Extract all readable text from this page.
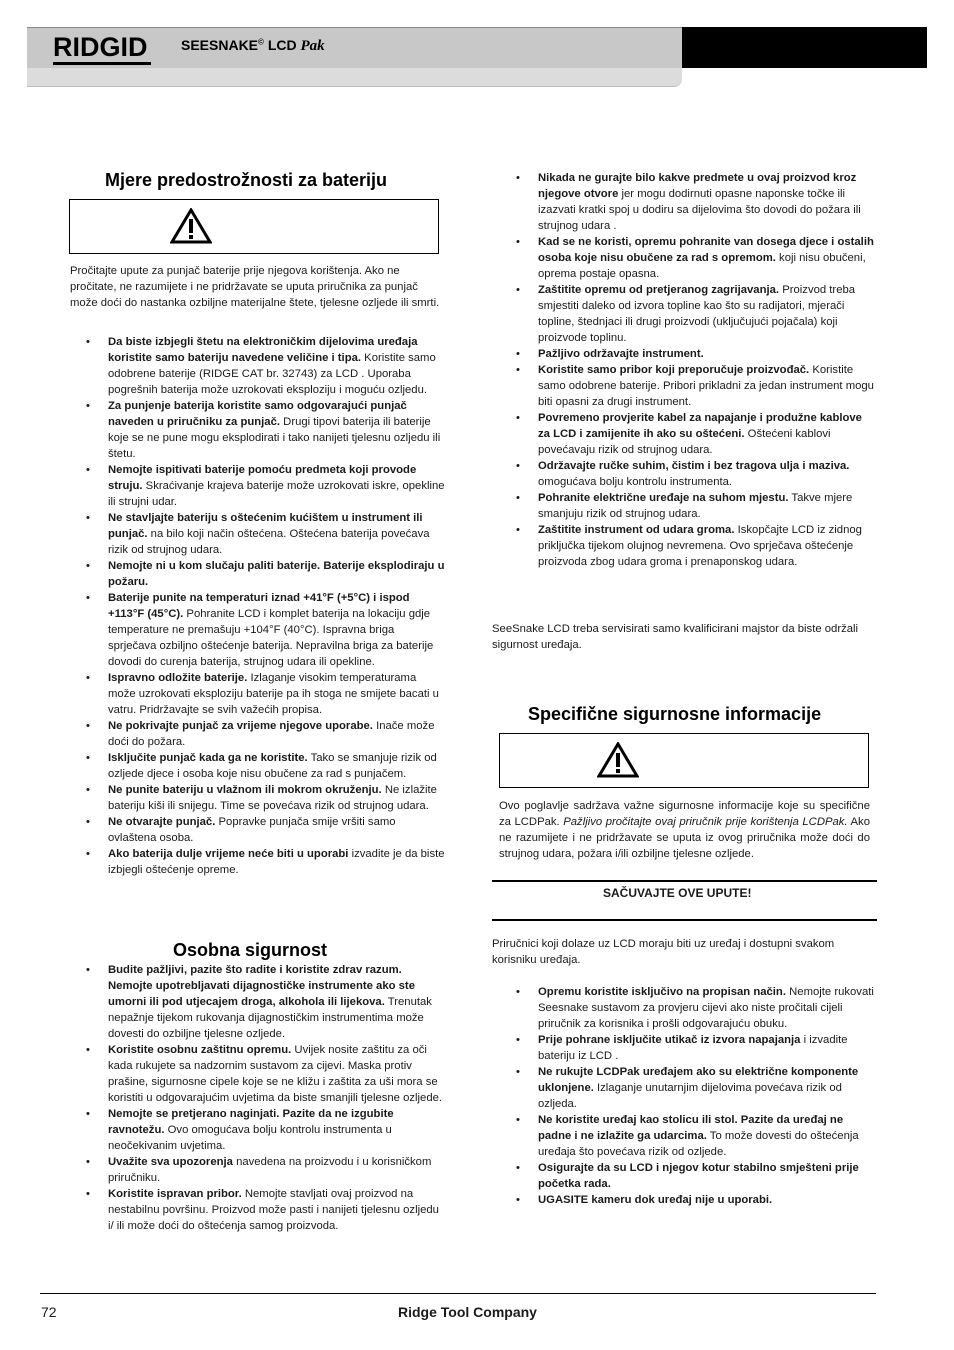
RIDGID SEESNAKE© LCD Pak
Mjere predostrožnosti za bateriju

Pročitajte upute za punjač baterije prije njegova korištenja. Ako ne pročitate, ne razumijete i ne pridržavate se uputa priručnika za punjač može doći do nastanka ozbiljne materijalne štete, tjelesne ozljede ili smrti.

• Da biste izbjegli štetu na elektroničkim dijelovima uređaja koristite samo bateriju navedene veličine i tipa. Koristite samo odobrene baterije (RIDGE CAT br. 32743) za LCD . Uporaba pogrešnih baterija može uzrokovati eksploziju i moguću ozljedu.
• Za punjenje baterija koristite samo odgovarajući punjač naveden u priručniku za punjač. Drugi tipovi baterija ili baterije koje se ne pune mogu eksplodirati i tako nanijeti tjelesnu ozljedu ili štetu.
• Nemojte ispitivati baterije pomoću predmeta koji provode struju. Skraćivanje krajeva baterije može uzrokovati iskre, opekline ili strujni udar.
• Ne stavljajte bateriju s oštećenim kućištem u instrument ili punjač. na bilo koji način oštećena. Oštećena baterija povećava rizik od strujnog udara.
• Nemojte ni u kom slučaju paliti baterije. Baterije eksplodiraju u požaru.
• Baterije punite na temperaturi iznad +41°F (+5°C) i ispod +113°F (45°C). Pohranite LCD i komplet baterija na lokaciju gdje temperature ne premašuju +104°F (40°C). Ispravna briga sprječava ozbiljno oštećenje baterija. Nepravilna briga za baterije dovodi do curenja baterija, strujnog udara ili opekline.
• Ispravno odložite baterije. Izlaganje visokim temperaturama može uzrokovati eksploziju baterije pa ih stoga ne smijete bacati u vatru. Pridržavajte se svih važećih propisa.
• Ne pokrivajte punjač za vrijeme njegove uporabe. Inače može doći do požara.
• Isključite punjač kada ga ne koristite. Tako se smanjuje rizik od ozljede djece i osoba koje nisu obučene za rad s punjačem.
• Ne punite bateriju u vlažnom ili mokrom okruženju. Ne izlažite bateriju kiši ili snijegu. Time se povećava rizik od strujnog udara.
• Ne otvarajte punjač. Popravke punjača smije vršiti samo ovlaštena osoba.
• Ako baterija dulje vrijeme neće biti u uporabi izvadite je da biste izbjegli oštećenje opreme.
Osobna sigurnost
• Budite pažljivi, pazite što radite i koristite zdrav razum. Nemojte upotrebljavati dijagnostičke instrumente ako ste umorni ili pod utjecajem droga, alkohola ili lijekova. Trenutak nepažnje tijekom rukovanja dijagnostičkim instrumentima može dovesti do ozbiljne tjelesne ozljede.
• Koristite osobnu zaštitnu opremu. Uvijek nosite zaštitu za oči kada rukujete sa nadzornim sustavom za cijevi. Maska protiv prašine, sigurnosne cipele koje se ne kližu i zaštita za uši mora se koristiti u odgovarajućim uvjetima da biste smanjili tjelesne ozljede.
• Nemojte se pretjerano naginjati. Pazite da ne izgubite ravnotežu. Ovo omogućava bolju kontrolu instrumenta u neočekivanim uvjetima.
• Uvažite sva upozorenja navedena na proizvodu i u korisničkom priručniku.
• Koristite ispravan pribor. Nemojte stavljati ovaj proizvod na nestabilnu površinu. Proizvod može pasti i nanijeti tjelesnu ozljedu i/ ili može doći do oštećenja samog proizvoda.
• Nikada ne gurajte bilo kakve predmete u ovaj proizvod kroz njegove otvore jer mogu dodirnuti opasne naponske točke ili izazvati kratki spoj u dodiru sa dijelovima što dovodi do požara ili strujnog udara .
• Kad se ne koristi, opremu pohranite van dosega djece i ostalih osoba koje nisu obučene za rad s opremom. koji nisu obučeni, oprema postaje opasna.
• Zaštitite opremu od pretjeranog zagrijavanja. Proizvod treba smjestiti daleko od izvora topline kao što su radijatori, mjerači topline, štednjaci ili drugi proizvodi (uključujući pojačala) koji proizvode toplinu.
• Pažljivo održavajte instrument.
• Koristite samo pribor koji preporučuje proizvođač. Koristite samo odobrene baterije. Pribori prikladni za jedan instrument mogu biti opasni za drugi instrument.
• Povremeno provjerite kabel za napajanje i produžne kablove za LCD i zamijenite ih ako su oštećeni. Oštećeni kablovi povećavaju rizik od strujnog udara.
• Održavajte ručke suhim, čistim i bez tragova ulja i maziva. omogućava bolju kontrolu instrumenta.
• Pohranite električne uređaje na suhom mjestu. Takve mjere smanjuju rizik od strujnog udara.
• Zaštitite instrument od udara groma. Iskopčajte LCD iz zidnog priključka tijekom olujnog nevremena. Ovo sprječava oštećenje proizvoda zbog udara groma i prenaponskog udara.

SeeSnake LCD treba servisirati samo kvalificirani majstor da biste održali sigurnost uređaja.

Specifične sigurnosne informacije

Ovo poglavlje sadržava važne sigurnosne informacije koje su specifične za LCDPak. Pažljivo pročitajte ovaj priručnik prije korištenja LCDPak. Ako ne razumijete i ne pridržavate se uputa iz ovog priručnika može doći do strujnog udara, požara i/ili ozbiljne tjelesne ozljede.

SAČUVAJTE OVE UPUTE!

Priručnici koji dolaze uz LCD moraju biti uz uređaj i dostupni svakom korisniku uređaja.

• Opremu koristite isključivo na propisan način. Nemojte rukovati Seesnake sustavom za provjeru cijevi ako niste pročitali cijeli priručnik za korisnika i prošli odgovarajuću obuku.
• Prije pohrane isključite utikač iz izvora napajanja i izvadite bateriju iz LCD .
• Ne rukujte LCDPak uređajem ako su električne komponente uklonjene. Izlaganje unutarnjim dijelovima povećava rizik od ozljeda.
• Ne koristite uređaj kao stolicu ili stol. Pazite da uređaj ne padne i ne izlažite ga udarcima. To može dovesti do oštećenja uređaja što povećava rizik od ozljede.
• Osigurajte da su LCD i njegov kotur stabilno smješteni prije početka rada.
• UGASITE kameru dok uređaj nije u uporabi.
72	Ridge Tool Company
